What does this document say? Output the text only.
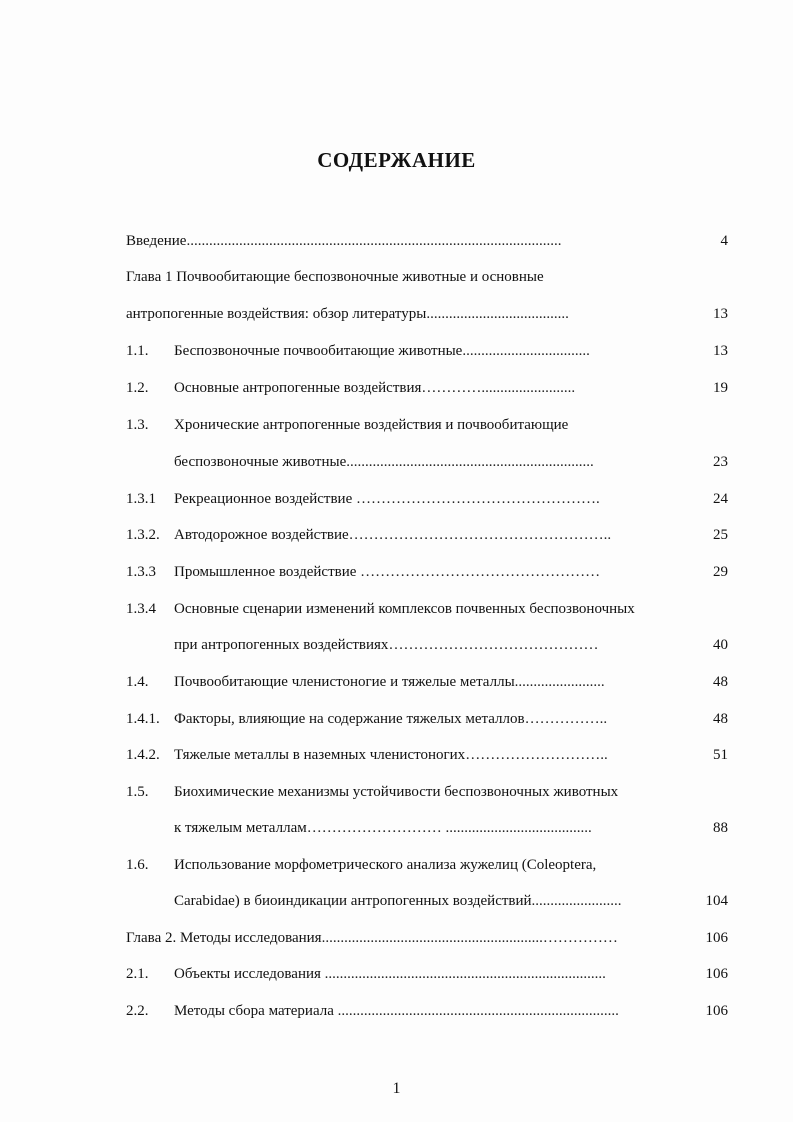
СОДЕРЖАНИЕ
Введение....................................................................................................	4
Глава 1 Почвообитающие беспозвоночные животные и основные
антропогенные воздействия: обзор литературы......................................	13
1.1.	Беспозвоночные почвообитающие животные..................................	13
1.2.	Основные антропогенные воздействия………….........................	19
1.3.	Хронические антропогенные воздействия и почвообитающие
беспозвоночные животные..................................................................	23
1.3.1	Рекреационное воздействие ………………………………………….	24
1.3.2. Автодорожное воздействие……………………………………………..	25
1.3.3	Промышленное воздействие …………………………………………	29
1.3.4	Основные сценарии изменений комплексов почвенных беспозвоночных
при антропогенных воздействиях……………………………………	40
1.4.	Почвообитающие членистоногие и тяжелые металлы........................	48
1.4.1. Факторы, влияющие на содержание тяжелых металлов……………..	48
1.4.2. Тяжелые металлы в наземных членистоногих………………………..	51
1.5.	Биохимические механизмы устойчивости беспозвоночных животных
к тяжелым металлам……………………… .......................................	88
1.6.	Использование морфометрического анализа жужелиц (Coleoptera,
Carabidae) в биоиндикации антропогенных воздействий........................	104
Глава 2. Методы исследования...........................................................……………	106
2.1.	Объекты исследования ...........................................................................	106
2.2.	Методы сбора материала ...........................................................................	106
1
